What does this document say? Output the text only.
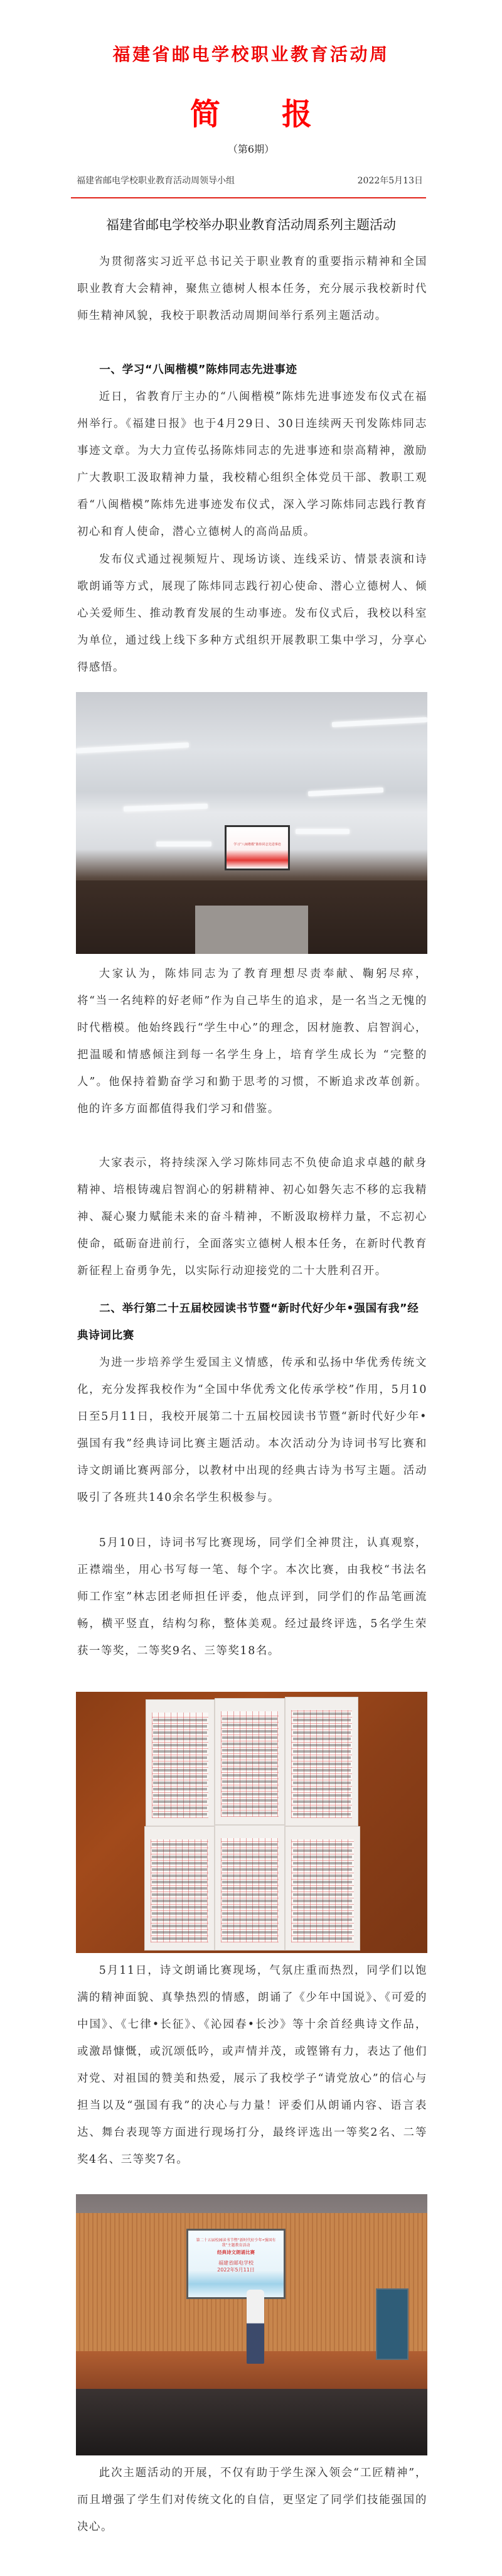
福建省邮电学校职业教育活动周
简 报
（第6期）
福建省邮电学校职业教育活动周领导小组	2022年5月13日
福建省邮电学校举办职业教育活动周系列主题活动

为贯彻落实习近平总书记关于职业教育的重要指示精神和全国职业教育大会精神，聚焦立德树人根本任务，充分展示我校新时代师生精神风貌，我校于职教活动周期间举行系列主题活动。

一、学习“八闽楷模”陈炜同志先进事迹

近日，省教育厅主办的“八闽楷模”陈炜先进事迹发布仪式在福州举行。《福建日报》也于4月29日、30日连续两天刊发陈炜同志事迹文章。为大力宣传弘扬陈炜同志的先进事迹和崇高精神，激励广大教职工汲取精神力量，我校精心组织全体党员干部、教职工观看“八闽楷模”陈炜先进事迹发布仪式，深入学习陈炜同志践行教育初心和育人使命，潜心立德树人的高尚品质。

发布仪式通过视频短片、现场访谈、连线采访、情景表演和诗歌朗诵等方式，展现了陈炜同志践行初心使命、潜心立德树人、倾心关爱师生、推动教育发展的生动事迹。发布仪式后，我校以科室为单位，通过线上线下多种方式组织开展教职工集中学习，分享心得感悟。

学习“八闽楷模”陈炜同志先进事迹

大家认为，陈炜同志为了教育理想尽责奉献、鞠躬尽瘁，将“当一名纯粹的好老师”作为自己毕生的追求，是一名当之无愧的时代楷模。他始终践行“学生中心”的理念，因材施教、启智润心，把温暖和情感倾注到每一名学生身上，培育学生成长为 “完整的人”。他保持着勤奋学习和勤于思考的习惯，不断追求改革创新。他的许多方面都值得我们学习和借鉴。

大家表示，将持续深入学习陈炜同志不负使命追求卓越的献身精神、培根铸魂启智润心的躬耕精神、初心如磐矢志不移的忘我精神、凝心聚力赋能未来的奋斗精神，不断汲取榜样力量，不忘初心使命，砥砺奋进前行，全面落实立德树人根本任务，在新时代教育新征程上奋勇争先，以实际行动迎接党的二十大胜利召开。

二、举行第二十五届校园读书节暨“新时代好少年•强国有我”经典诗词比赛

为进一步培养学生爱国主义情感，传承和弘扬中华优秀传统文化，充分发挥我校作为“全国中华优秀文化传承学校”作用，5月10日至5月11日，我校开展第二十五届校园读书节暨“新时代好少年•强国有我”经典诗词比赛主题活动。本次活动分为诗词书写比赛和诗文朗诵比赛两部分，以教材中出现的经典古诗为书写主题。活动吸引了各班共140余名学生积极参与。

5月10日，诗词书写比赛现场，同学们全神贯注，认真观察，正襟端坐，用心书写每一笔、每个字。本次比赛，由我校“书法名师工作室”林志团老师担任评委，他点评到，同学们的作品笔画流畅，横平竖直，结构匀称，整体美观。经过最终评选，5名学生荣获一等奖，二等奖9名、三等奖18名。

5月11日，诗文朗诵比赛现场，气氛庄重而热烈，同学们以饱满的精神面貌、真挚热烈的情感，朗诵了《少年中国说》、《可爱的中国》、《七律•长征》、《沁园春•长沙》等十余首经典诗文作品，或激昂慷慨，或沉颂低吟，或声情并茂，或铿锵有力，表达了他们对党、对祖国的赞美和热爱，展示了我校学子“请党放心”的信心与担当以及“强国有我”的决心与力量！评委们从朗诵内容、语言表达、舞台表现等方面进行现场打分，最终评选出一等奖2名、二等奖4名、三等奖7名。

第二十五届校园读书节暨“新时代好少年•强国有我”主题教育活动
经典诗文朗诵比赛
福建省邮电学校
2022年5月11日

此次主题活动的开展，不仅有助于学生深入领会“工匠精神”，而且增强了学生们对传统文化的自信，更坚定了同学们技能强国的决心。
